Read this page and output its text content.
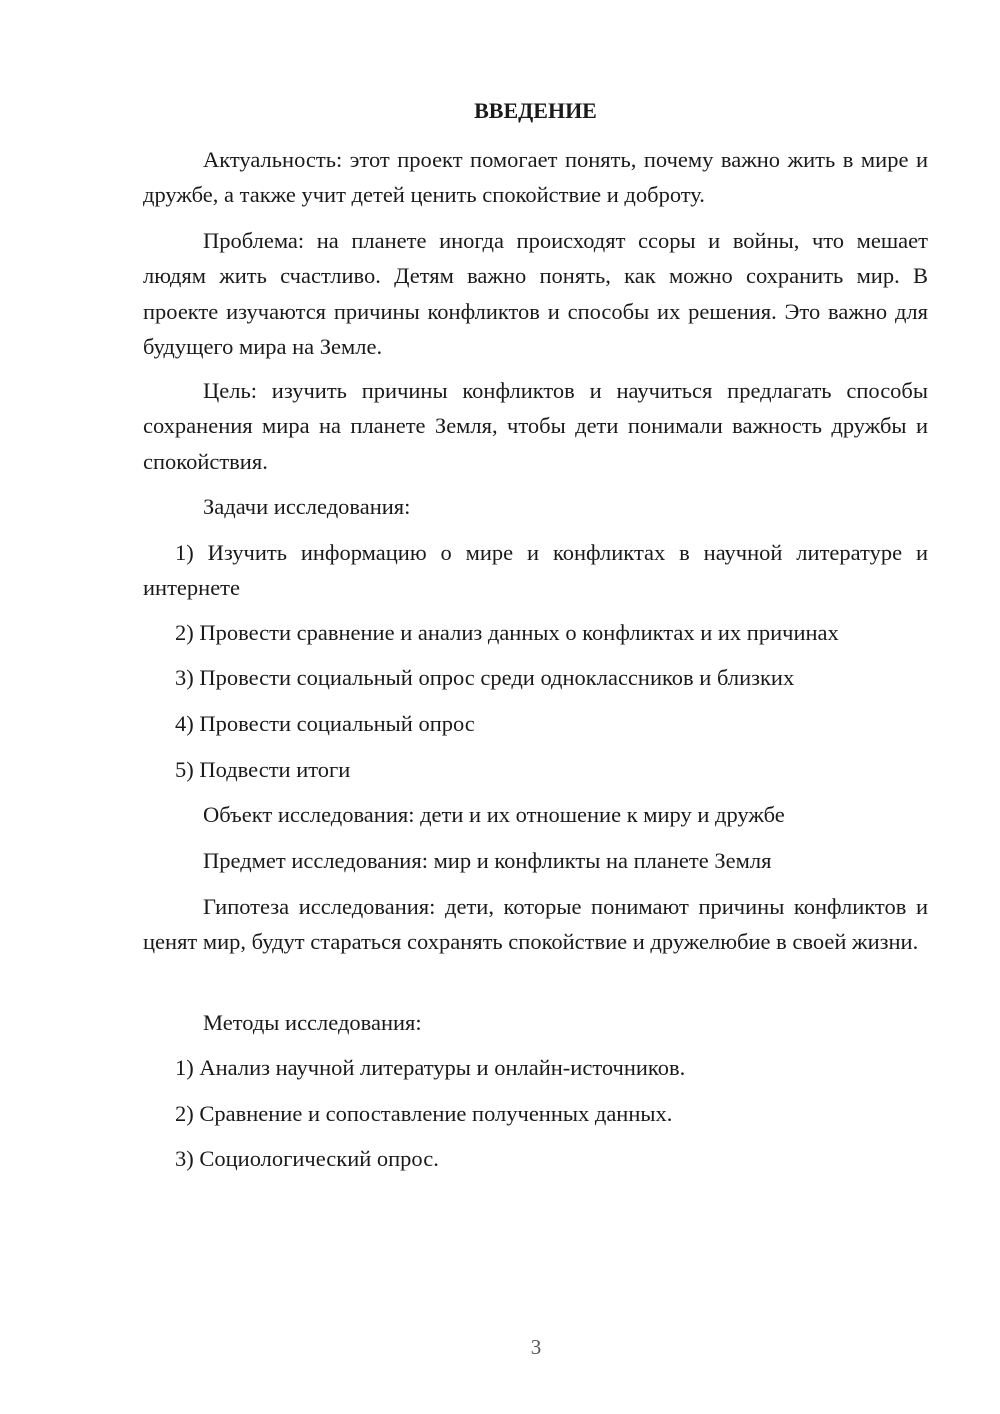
ВВЕДЕНИЕ

Актуальность: этот проект помогает понять, почему важно жить в мире и дружбе, а также учит детей ценить спокойствие и доброту.

Проблема: на планете иногда происходят ссоры и войны, что мешает людям жить счастливо. Детям важно понять, как можно сохранить мир. В проекте изучаются причины конфликтов и способы их решения. Это важно для будущего мира на Земле.

Цель: изучить причины конфликтов и научиться предлагать способы сохранения мира на планете Земля, чтобы дети понимали важность дружбы и спокойствия.

Задачи исследования:

1) Изучить информацию о мире и конфликтах в научной литературе и интернете

2) Провести сравнение и анализ данных о конфликтах и их причинах

3) Провести социальный опрос среди одноклассников и близких

4) Провести социальный опрос

5) Подвести итоги

Объект исследования: дети и их отношение к миру и дружбе

Предмет исследования: мир и конфликты на планете Земля

Гипотеза исследования: дети, которые понимают причины конфликтов и ценят мир, будут стараться сохранять спокойствие и дружелюбие в своей жизни.

Методы исследования:

1) Анализ научной литературы и онлайн-источников.

2) Сравнение и сопоставление полученных данных.

3) Социологический опрос.

3
